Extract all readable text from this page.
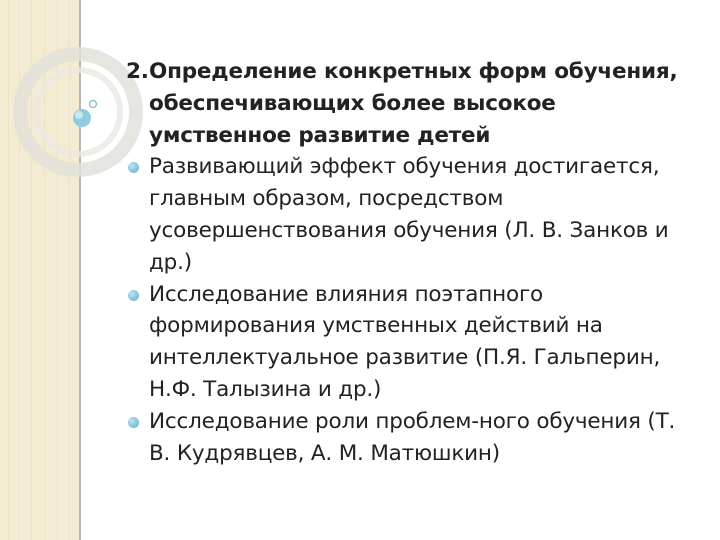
2. Определение конкретных форм обучения, обеспечивающих более высокое умственное развитие детей

Развивающий эффект обучения достигается, главным образом, посредством усовершенствования обучения (Л. В. Занков и др.)
Исследование влияния поэтапного формирования умственных действий на интеллектуальное развитие (П.Я. Гальперин, Н.Ф. Талызина и др.)
Исследование роли проблем-ного обучения (Т. В. Кудрявцев, А. М. Матюшкин)
